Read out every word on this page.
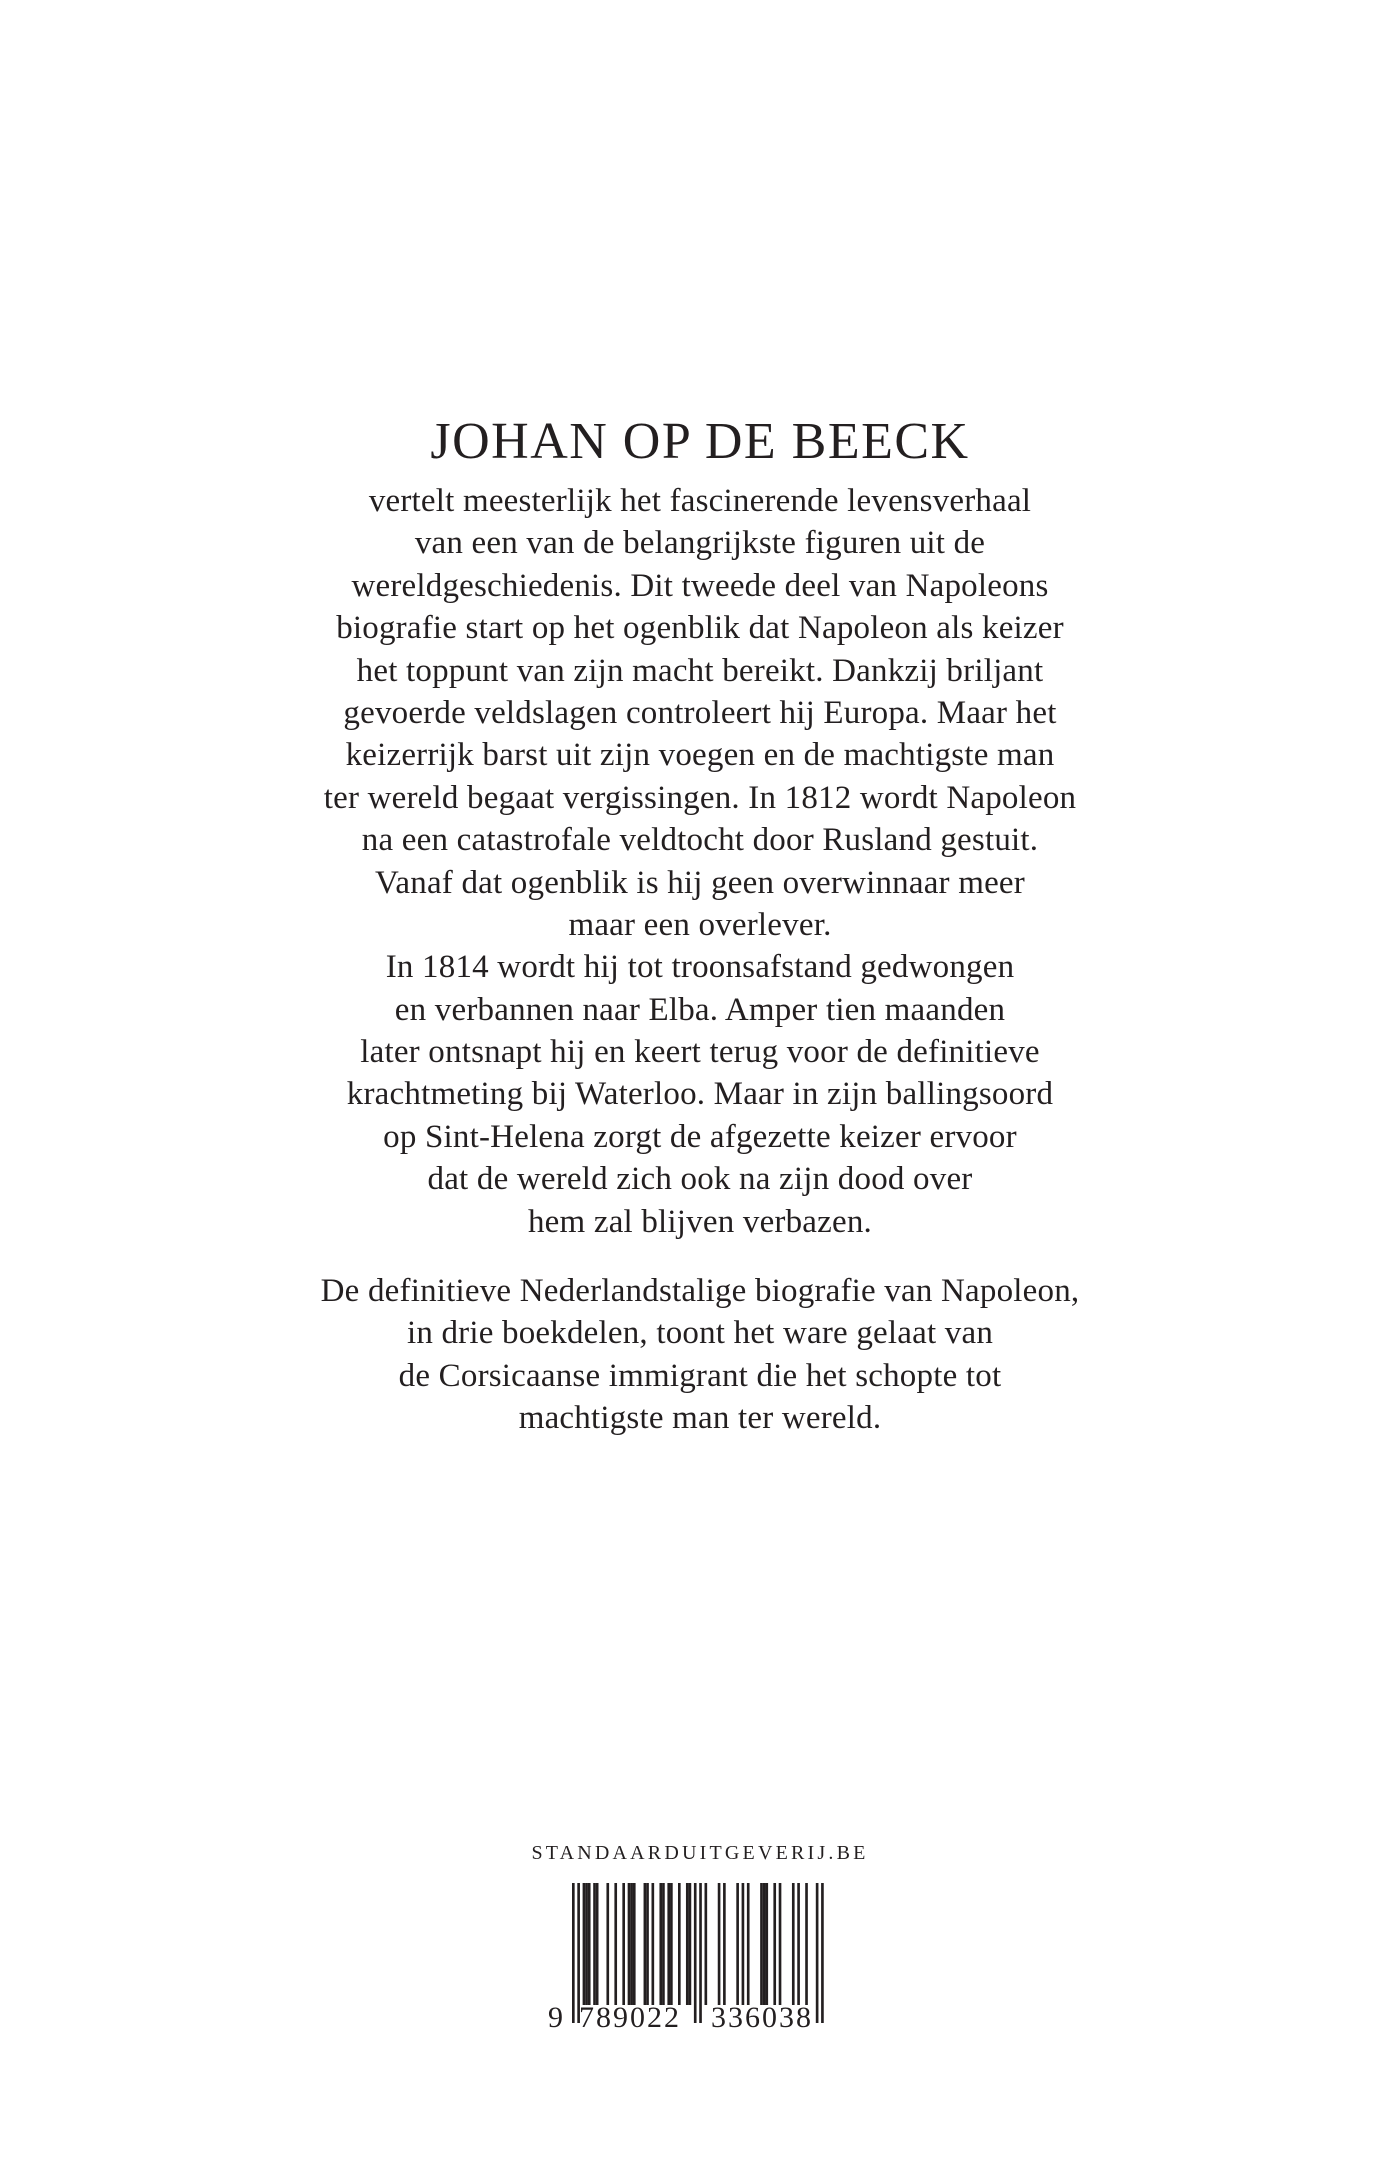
JOHAN OP DE BEECK
vertelt meesterlijk het fascinerende levensverhaal
van een van de belangrijkste figuren uit de
wereldgeschiedenis. Dit tweede deel van Napoleons
biografie start op het ogenblik dat Napoleon als keizer
het toppunt van zijn macht bereikt. Dankzij briljant
gevoerde veldslagen controleert hij Europa. Maar het
keizerrijk barst uit zijn voegen en de machtigste man
ter wereld begaat vergissingen. In 1812 wordt Napoleon
na een catastrofale veldtocht door Rusland gestuit.
Vanaf dat ogenblik is hij geen overwinnaar meer
maar een overlever.
In 1814 wordt hij tot troonsafstand gedwongen
en verbannen naar Elba. Amper tien maanden
later ontsnapt hij en keert terug voor de definitieve
krachtmeting bij Waterloo. Maar in zijn ballingsoord
op Sint-Helena zorgt de afgezette keizer ervoor
dat de wereld zich ook na zijn dood over
hem zal blijven verbazen.
De definitieve Nederlandstalige biografie van Napoleon,
in drie boekdelen, toont het ware gelaat van
de Corsicaanse immigrant die het schopte tot
machtigste man ter wereld.
STANDAARDUITGEVERIJ.BE
9 789022 336038
